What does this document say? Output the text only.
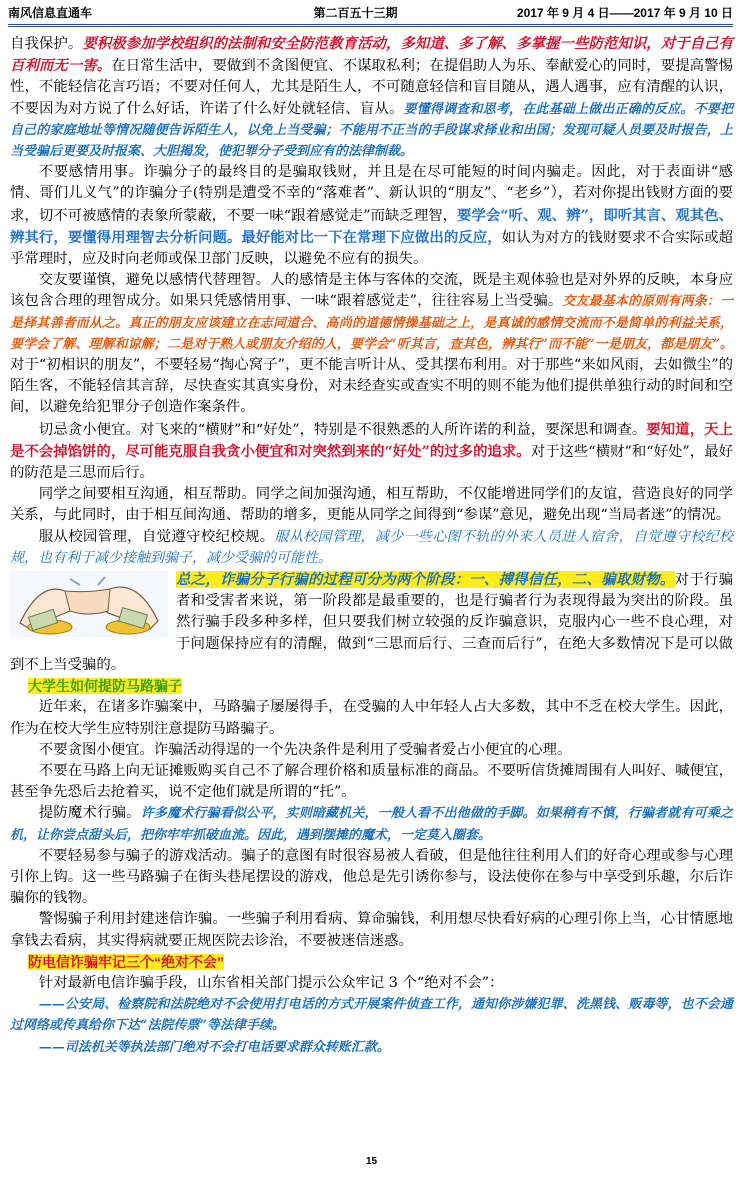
南风信息直通车	第二百五十三期	2017 年 9 月 4 日——2017 年 9 月 10 日

自我保护。要积极参加学校组织的法制和安全防范教育活动，多知道、多了解、多掌握一些防范知识，对于自己有百利而无一害。在日常生活中，要做到不贪图便宜、不谋取私利；在提倡助人为乐、奉献爱心的同时，要提高警惕性，不能轻信花言巧语；不要对任何人，尤其是陌生人，不可随意轻信和盲目随从，遇人遇事，应有清醒的认识，不要因为对方说了什么好话，许诺了什么好处就轻信、盲从。要懂得调查和思考，在此基础上做出正确的反应。不要把自己的家庭地址等情况随便告诉陌生人，以免上当受骗；不能用不正当的手段谋求择业和出国；发现可疑人员要及时报告，上当受骗后更要及时报案、大胆揭发，使犯罪分子受到应有的法律制裁。

不要感情用事。诈骗分子的最终目的是骗取钱财，并且是在尽可能短的时间内骗走。因此，对于表面讲“感情、哥们儿义气”的诈骗分子(特别是遭受不幸的“落难者”、新认识的“朋友”、“老乡”），若对你提出钱财方面的要求，切不可被感情的表象所蒙蔽，不要一味“跟着感觉走”而缺乏理智，要学会“听、观、辨”，即听其言、观其色、辨其行，要懂得用理智去分析问题。最好能对比一下在常理下应做出的反应，如认为对方的钱财要求不合实际或超乎常理时，应及时向老师或保卫部门反映，以避免不应有的损失。

交友要谨慎，避免以感情代替理智。人的感情是主体与客体的交流，既是主观体验也是对外界的反映，本身应该包含合理的理智成分。如果只凭感情用事、一味“跟着感觉走”，往往容易上当受骗。交友最基本的原则有两条：一是择其善者而从之。真正的朋友应该建立在志同道合、高尚的道德情操基础之上，是真诚的感情交流而不是简单的利益关系，要学会了解、理解和谅解；二是对于熟人或朋友介绍的人，要学会“听其言，查其色，辨其行”而不能“一是朋友，都是朋友”。对于“初相识的朋友”，不要轻易“掏心窝子”，更不能言听计从、受其摆布利用。对于那些“来如风雨，去如微尘”的陌生客，不能轻信其言辞，尽快查实其真实身份，对未经查实或查实不明的则不能为他们提供单独行动的时间和空间，以避免给犯罪分子创造作案条件。

切忌贪小便宜。对飞来的“横财”和“好处”，特别是不很熟悉的人所许诺的利益，要深思和调查。要知道，天上是不会掉馅饼的，尽可能克服自我贪小便宜和对突然到来的“好处”的过多的追求。对于这些“横财”和“好处”，最好的防范是三思而后行。

同学之间要相互沟通，相互帮助。同学之间加强沟通，相互帮助，不仅能增进同学们的友谊，营造良好的同学关系，与此同时，由于相互间沟通、帮助的增多，更能从同学之间得到“参谋”意见，避免出现“当局者迷”的情况。

服从校园管理，自觉遵守校纪校规。服从校园管理，减少一些心图不轨的外来人员进人宿舍，自觉遵守校纪校规，也有利于减少接触到骗子，减少受骗的可能性。

总之，诈骗分子行骗的过程可分为两个阶段：一、搏得信任，二、骗取财物。对于行骗者和受害者来说，第一阶段都是最重要的，也是行骗者行为表现得最为突出的阶段。虽然行骗手段多种多样，但只要我们树立较强的反诈骗意识，克服内心一些不良心理，对于问题保持应有的清醒，做到“三思而后行、三查而后行”，在绝大多数情况下是可以做到不上当受骗的。

大学生如何提防马路骗子

近年来，在诸多诈骗案中，马路骗子屡屡得手，在受骗的人中年轻人占大多数，其中不乏在校大学生。因此，作为在校大学生应特别注意提防马路骗子。

不要贪图小便宜。诈骗活动得逞的一个先决条件是利用了受骗者爱占小便宜的心理。

不要在马路上向无证摊贩购买自己不了解合理价格和质量标准的商品。不要听信货摊周围有人叫好、喊便宜，甚至争先恐后去抢着买，说不定他们就是所谓的“托”。

提防魔术行骗。许多魔术行骗看似公平，实则暗藏机关，一般人看不出他做的手脚。如果稍有不慎，行骗者就有可乘之机，让你尝点甜头后，把你牢牢抓破血流。因此，遇到摆摊的魔术，一定莫入圈套。

不要轻易参与骗子的游戏活动。骗子的意图有时很容易被人看破，但是他往往利用人们的好奇心理或参与心理引你上钩。这一些马路骗子在街头巷尾摆设的游戏，他总是先引诱你参与，设法使你在参与中享受到乐趣，尔后诈骗你的钱物。

警惕骗子利用封建迷信诈骗。一些骗子利用看病、算命骗钱，利用想尽快看好病的心理引你上当，心甘情愿地拿钱去看病，其实得病就要正规医院去诊治，不要被迷信迷惑。

防电信诈骗牢记三个“绝对不会”

针对最新电信诈骗手段，山东省相关部门提示公众牢记 3 个“绝对不会”：

——公安局、检察院和法院绝对不会使用打电话的方式开展案件侦查工作，通知你涉嫌犯罪、洗黑钱、贩毒等，也不会通过网络或传真给你下达“法院传票”等法律手续。

——司法机关等执法部门绝对不会打电话要求群众转账汇款。

15
